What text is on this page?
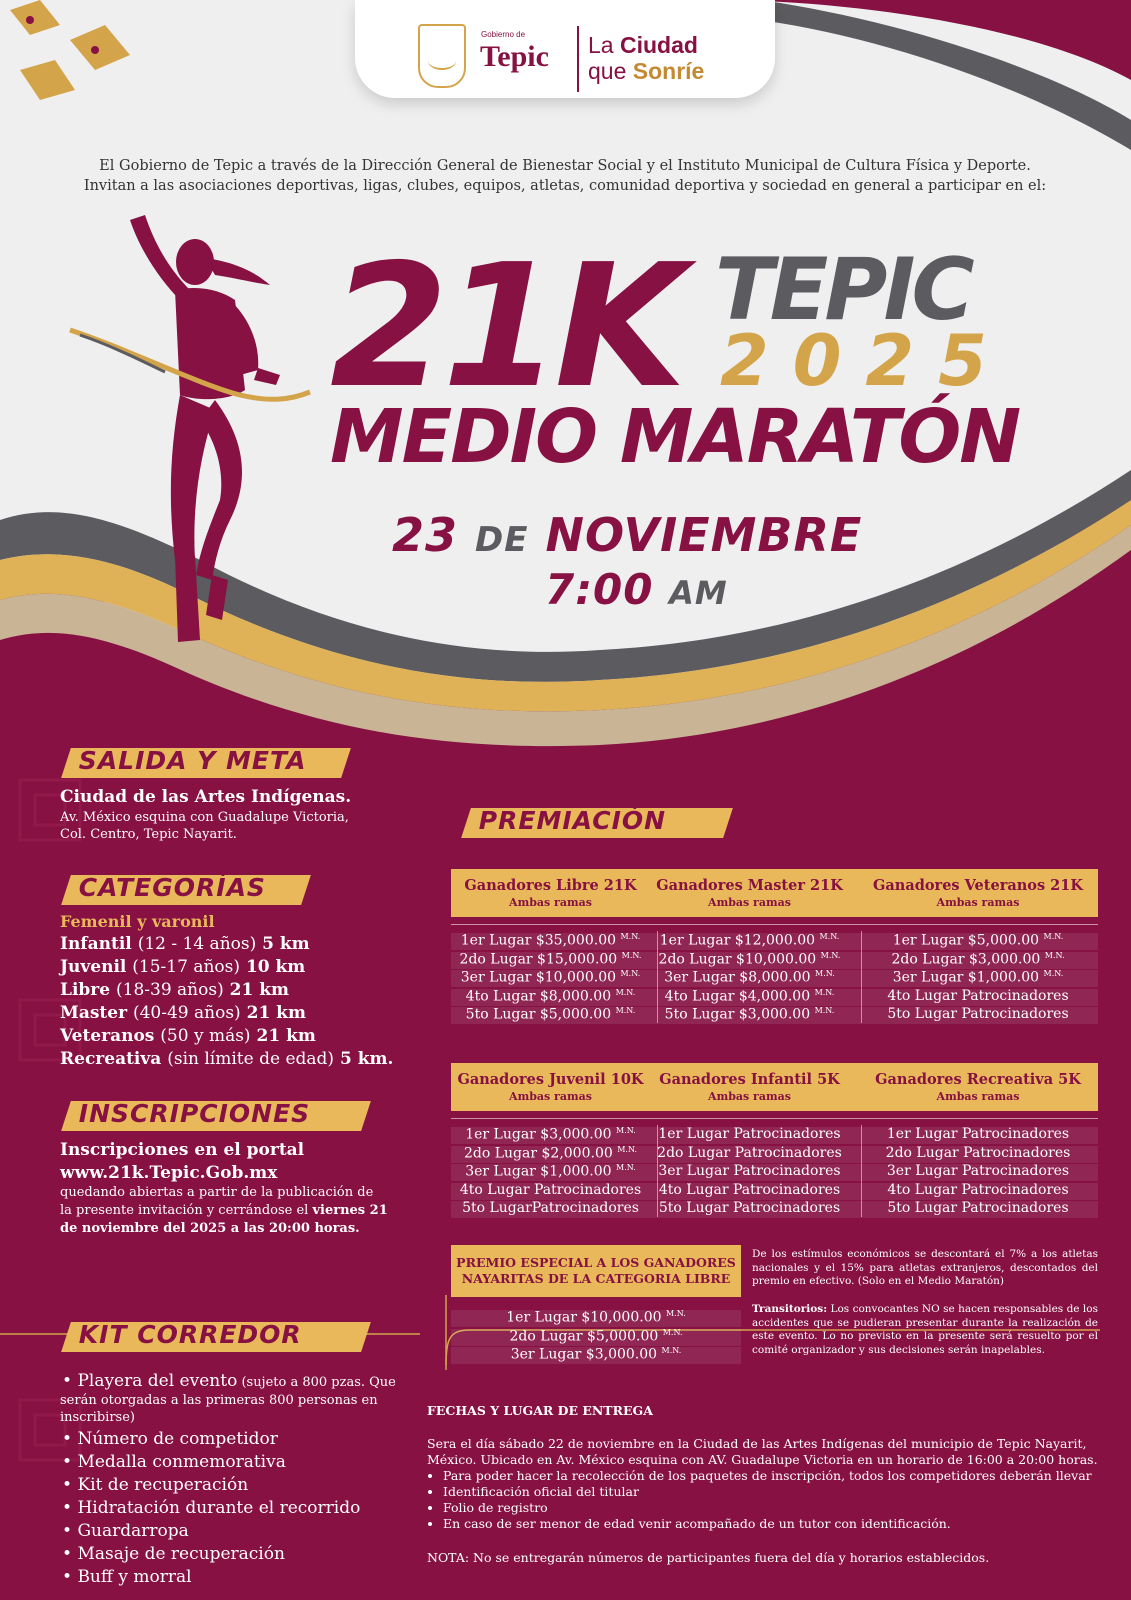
Gobierno de
Tepic La Ciudad
que Sonríe
El Gobierno de Tepic a través de la Dirección General de Bienestar Social y el Instituto Municipal de Cultura Física y Deporte.
Invitan a las asociaciones deportivas, ligas, clubes, equipos, atletas, comunidad deportiva y sociedad en general a participar en el:
21K TEPIC
2025
MEDIO MARATÓN
23 DE NOVIEMBRE
7:00 AM
SALIDA Y META
Ciudad de las Artes Indígenas.
Av. México esquina con Guadalupe Victoria,
Col. Centro, Tepic Nayarit.
CATEGORÍAS
Femenil y varonil
Infantil (12 - 14 años) 5 km
Juvenil (15-17 años) 10 km
Libre (18-39 años) 21 km
Master (40-49 años) 21 km
Veteranos (50 y más) 21 km
Recreativa (sin límite de edad) 5 km.
INSCRIPCIONES
Inscripciones en el portal
www.21k.Tepic.Gob.mx
quedando abiertas a partir de la publicación de
la presente invitación y cerrándose el viernes 21
de noviembre del 2025 a las 20:00 horas.
KIT CORREDOR
• Playera del evento (sujeto a 800 pzas. Que
serán otorgadas a las primeras 800 personas en
inscribirse)
• Número de competidor
• Medalla conmemorativa
• Kit de recuperación
• Hidratación durante el recorrido
• Guardarropa
• Masaje de recuperación
• Buff y morral
PREMIACIÓN
Ganadores Libre 21K
Ambas ramas
Ganadores Master 21K
Ambas ramas
Ganadores Veteranos 21K
Ambas ramas
1er Lugar $35,000.00 $^{M.N.}$	1er Lugar $12,000.00 $^{M.N.}$	1er Lugar $5,000.00 $^{M.N.}$
2do Lugar $15,000.00 $^{M.N.}$	2do Lugar $10,000.00 $^{M.N.}$	2do Lugar $3,000.00 $^{M.N.}$
3er Lugar $10,000.00 $^{M.N.}$	3er Lugar $8,000.00 $^{M.N.}$	3er Lugar $1,000.00 $^{M.N.}$
4to Lugar $8,000.00 $^{M.N.}$	4to Lugar $4,000.00 $^{M.N.}$	4to Lugar Patrocinadores
5to Lugar $5,000.00 $^{M.N.}$	5to Lugar $3,000.00 $^{M.N.}$	5to Lugar Patrocinadores
Ganadores Juvenil 10K
Ambas ramas
Ganadores Infantil 5K
Ambas ramas
Ganadores Recreativa 5K
Ambas ramas
1er Lugar $3,000.00 $^{M.N.}$	1er Lugar Patrocinadores	1er Lugar Patrocinadores
2do Lugar $2,000.00 $^{M.N.}$	2do Lugar Patrocinadores	2do Lugar Patrocinadores
3er Lugar $1,000.00 $^{M.N.}$	3er Lugar Patrocinadores	3er Lugar Patrocinadores
4to Lugar Patrocinadores	4to Lugar Patrocinadores	4to Lugar Patrocinadores
5to LugarPatrocinadores	5to Lugar Patrocinadores	5to Lugar Patrocinadores
PREMIO ESPECIAL A LOS GANADORES
NAYARITAS DE LA CATEGORIA LIBRE
1er Lugar $10,000.00 $^{M.N.}$
2do Lugar $5,000.00 $^{M.N.}$
3er Lugar $3,000.00 $^{M.N.}$
De los estímulos económicos se descontará el 7% a los atletas nacionales y el 15% para atletas extranjeros, descontados del premio en efectivo. (Solo en el Medio Maratón)
Transitorios: Los convocantes NO se hacen responsables de los accidentes que se pudieran presentar durante la realización de este evento. Lo no previsto en la presente será resuelto por el comité organizador y sus decisiones serán inapelables.
FECHAS Y LUGAR DE ENTREGA
Sera el día sábado 22 de noviembre en la Ciudad de las Artes Indígenas del municipio de Tepic Nayarit,
México. Ubicado en Av. México esquina con AV. Guadalupe Victoria en un horario de 16:00 a 20:00 horas.
• Para poder hacer la recolección de los paquetes de inscripción, todos los competidores deberán llevar
• Identificación oficial del titular
• Folio de registro
• En caso de ser menor de edad venir acompañado de un tutor con identificación.
NOTA: No se entregarán números de participantes fuera del día y horarios establecidos.
